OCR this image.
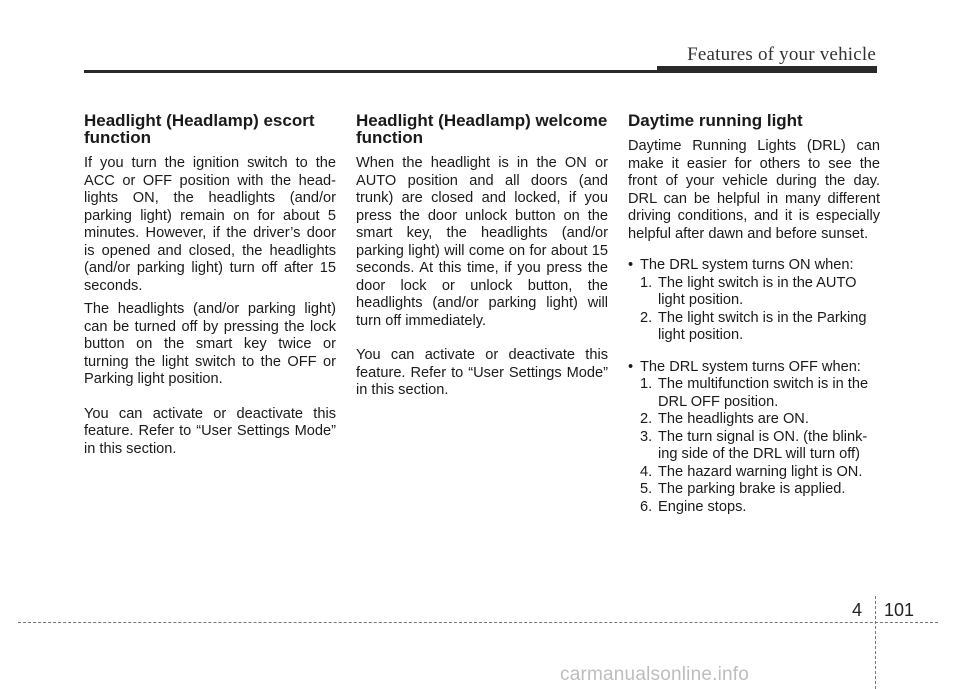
Features of your vehicle
Headlight (Headlamp) escort function

If you turn the ignition switch to the ACC or OFF position with the head- lights ON, the headlights (and/or parking light) remain on for about 5 minutes. However, if the driver’s door is opened and closed, the headlights (and/or parking light) turn off after 15 seconds.

The headlights (and/or parking light) can be turned off by pressing the lock button on the smart key twice or turning the light switch to the OFF or Parking light position.

You can activate or deactivate this feature. Refer to “User Settings Mode” in this section.

Headlight (Headlamp) welcome function

When the headlight is in the ON or AUTO position and all doors (and trunk) are closed and locked, if you press the door unlock button on the smart key, the headlights (and/or parking light) will come on for about 15 seconds. At this time, if you press the door lock or unlock button, the headlights (and/or parking light) will turn off immediately.

You can activate or deactivate this feature. Refer to “User Settings Mode” in this section.

Daytime running light

Daytime Running Lights (DRL) can make it easier for others to see the front of your vehicle during the day. DRL can be helpful in many different driving conditions, and it is especially helpful after dawn and before sunset.

• The DRL system turns ON when:
1. The light switch is in the AUTO light position.
2. The light switch is in the Parking light position.
• The DRL system turns OFF when:
1. The multifunction switch is in the DRL OFF position.
2. The headlights are ON.
3. The turn signal is ON. (the blink- ing side of the DRL will turn off)
4. The hazard warning light is ON.
5. The parking brake is applied.
6. Engine stops.
4 101
carmanualsonline.info
